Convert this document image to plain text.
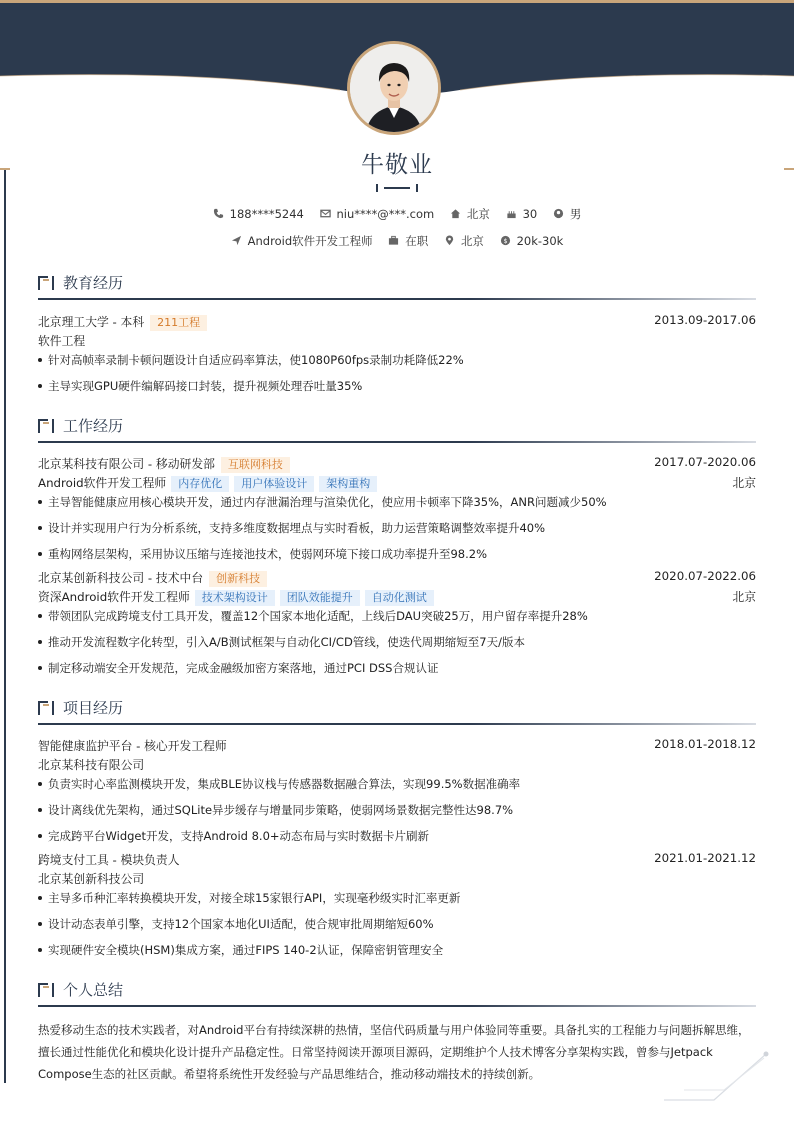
牛敬业
188****5244	niu****@***.com	北京	30	男
Android软件开发工程师	在职	北京	$ 20k-30k
教育经历
北京理工大学 - 本科 211工程	2013.09-2017.06
软件工程
针对高帧率录制卡顿问题设计自适应码率算法，使1080P60fps录制功耗降低22%
主导实现GPU硬件编解码接口封装，提升视频处理吞吐量35%
工作经历
北京某科技有限公司 - 移动研发部 互联网科技	2017.07-2020.06
Android软件开发工程师 内存优化 用户体验设计 架构重构	北京
主导智能健康应用核心模块开发，通过内存泄漏治理与渲染优化，使应用卡顿率下降35%，ANR问题减少50%
设计并实现用户行为分析系统，支持多维度数据埋点与实时看板，助力运营策略调整效率提升40%
重构网络层架构，采用协议压缩与连接池技术，使弱网环境下接口成功率提升至98.2%
北京某创新科技公司 - 技术中台 创新科技	2020.07-2022.06
资深Android软件开发工程师 技术架构设计 团队效能提升 自动化测试	北京
带领团队完成跨境支付工具开发，覆盖12个国家本地化适配，上线后DAU突破25万，用户留存率提升28%
推动开发流程数字化转型，引入A/B测试框架与自动化CI/CD管线，使迭代周期缩短至7天/版本
制定移动端安全开发规范，完成金融级加密方案落地，通过PCI DSS合规认证
项目经历
智能健康监护平台 - 核心开发工程师	2018.01-2018.12
北京某科技有限公司
负责实时心率监测模块开发，集成BLE协议栈与传感器数据融合算法，实现99.5%数据准确率
设计离线优先架构，通过SQLite异步缓存与增量同步策略，使弱网场景数据完整性达98.7%
完成跨平台Widget开发，支持Android 8.0+动态布局与实时数据卡片刷新
跨境支付工具 - 模块负责人	2021.01-2021.12
北京某创新科技公司
主导多币种汇率转换模块开发，对接全球15家银行API，实现毫秒级实时汇率更新
设计动态表单引擎，支持12个国家本地化UI适配，使合规审批周期缩短60%
实现硬件安全模块(HSM)集成方案，通过FIPS 140-2认证，保障密钥管理安全
个人总结
热爱移动生态的技术实践者，对Android平台有持续深耕的热情，坚信代码质量与用户体验同等重要。具备扎实的工程能力与问题拆解思维，擅长通过性能优化和模块化设计提升产品稳定性。日常坚持阅读开源项目源码，定期维护个人技术博客分享架构实践，曾参与Jetpack Compose生态的社区贡献。希望将系统性开发经验与产品思维结合，推动移动端技术的持续创新。
